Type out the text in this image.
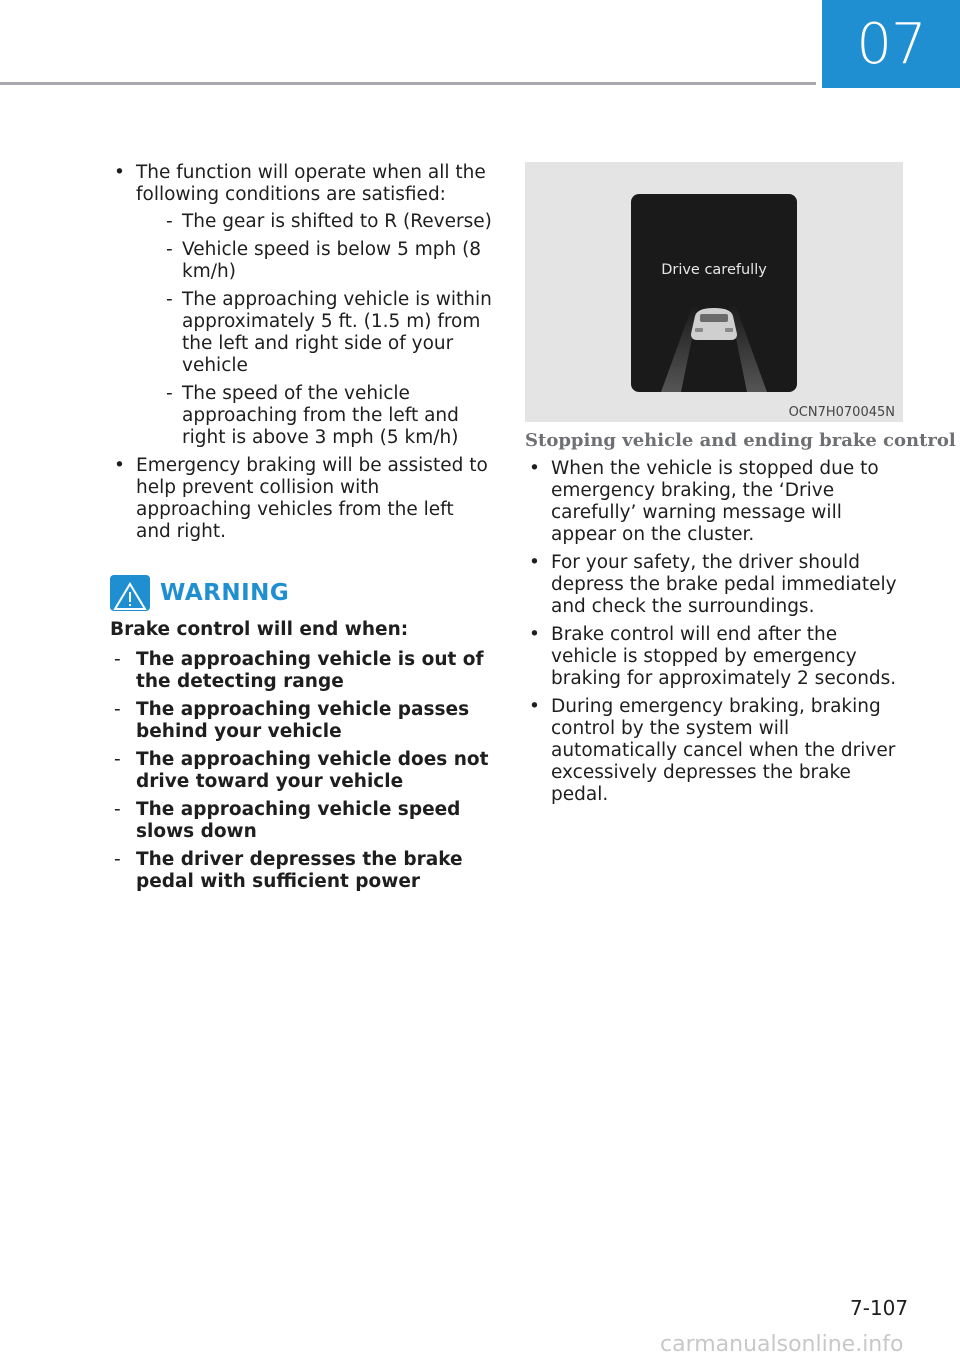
07
• The function will operate when all the following conditions are satisfied:
- The gear is shifted to R (Reverse)
- Vehicle speed is below 5 mph (8 km/h)
- The approaching vehicle is within approximately 5 ft. (1.5 m) from the left and right side of your vehicle
- The speed of the vehicle approaching from the left and right is above 3 mph (5 km/h)
• Emergency braking will be assisted to help prevent collision with approaching vehicles from the left and right.
WARNING
Brake control will end when:
- The approaching vehicle is out of the detecting range
- The approaching vehicle passes behind your vehicle
- The approaching vehicle does not drive toward your vehicle
- The approaching vehicle speed slows down
- The driver depresses the brake pedal with sufficient power
Drive carefully
OCN7H070045N
Stopping vehicle and ending brake control
• When the vehicle is stopped due to emergency braking, the ‘Drive carefully’ warning message will appear on the cluster.
• For your safety, the driver should depress the brake pedal immediately and check the surroundings.
• Brake control will end after the vehicle is stopped by emergency braking for approximately 2 seconds.
• During emergency braking, braking control by the system will automatically cancel when the driver excessively depresses the brake pedal.
7-107
carmanualsonline.info
